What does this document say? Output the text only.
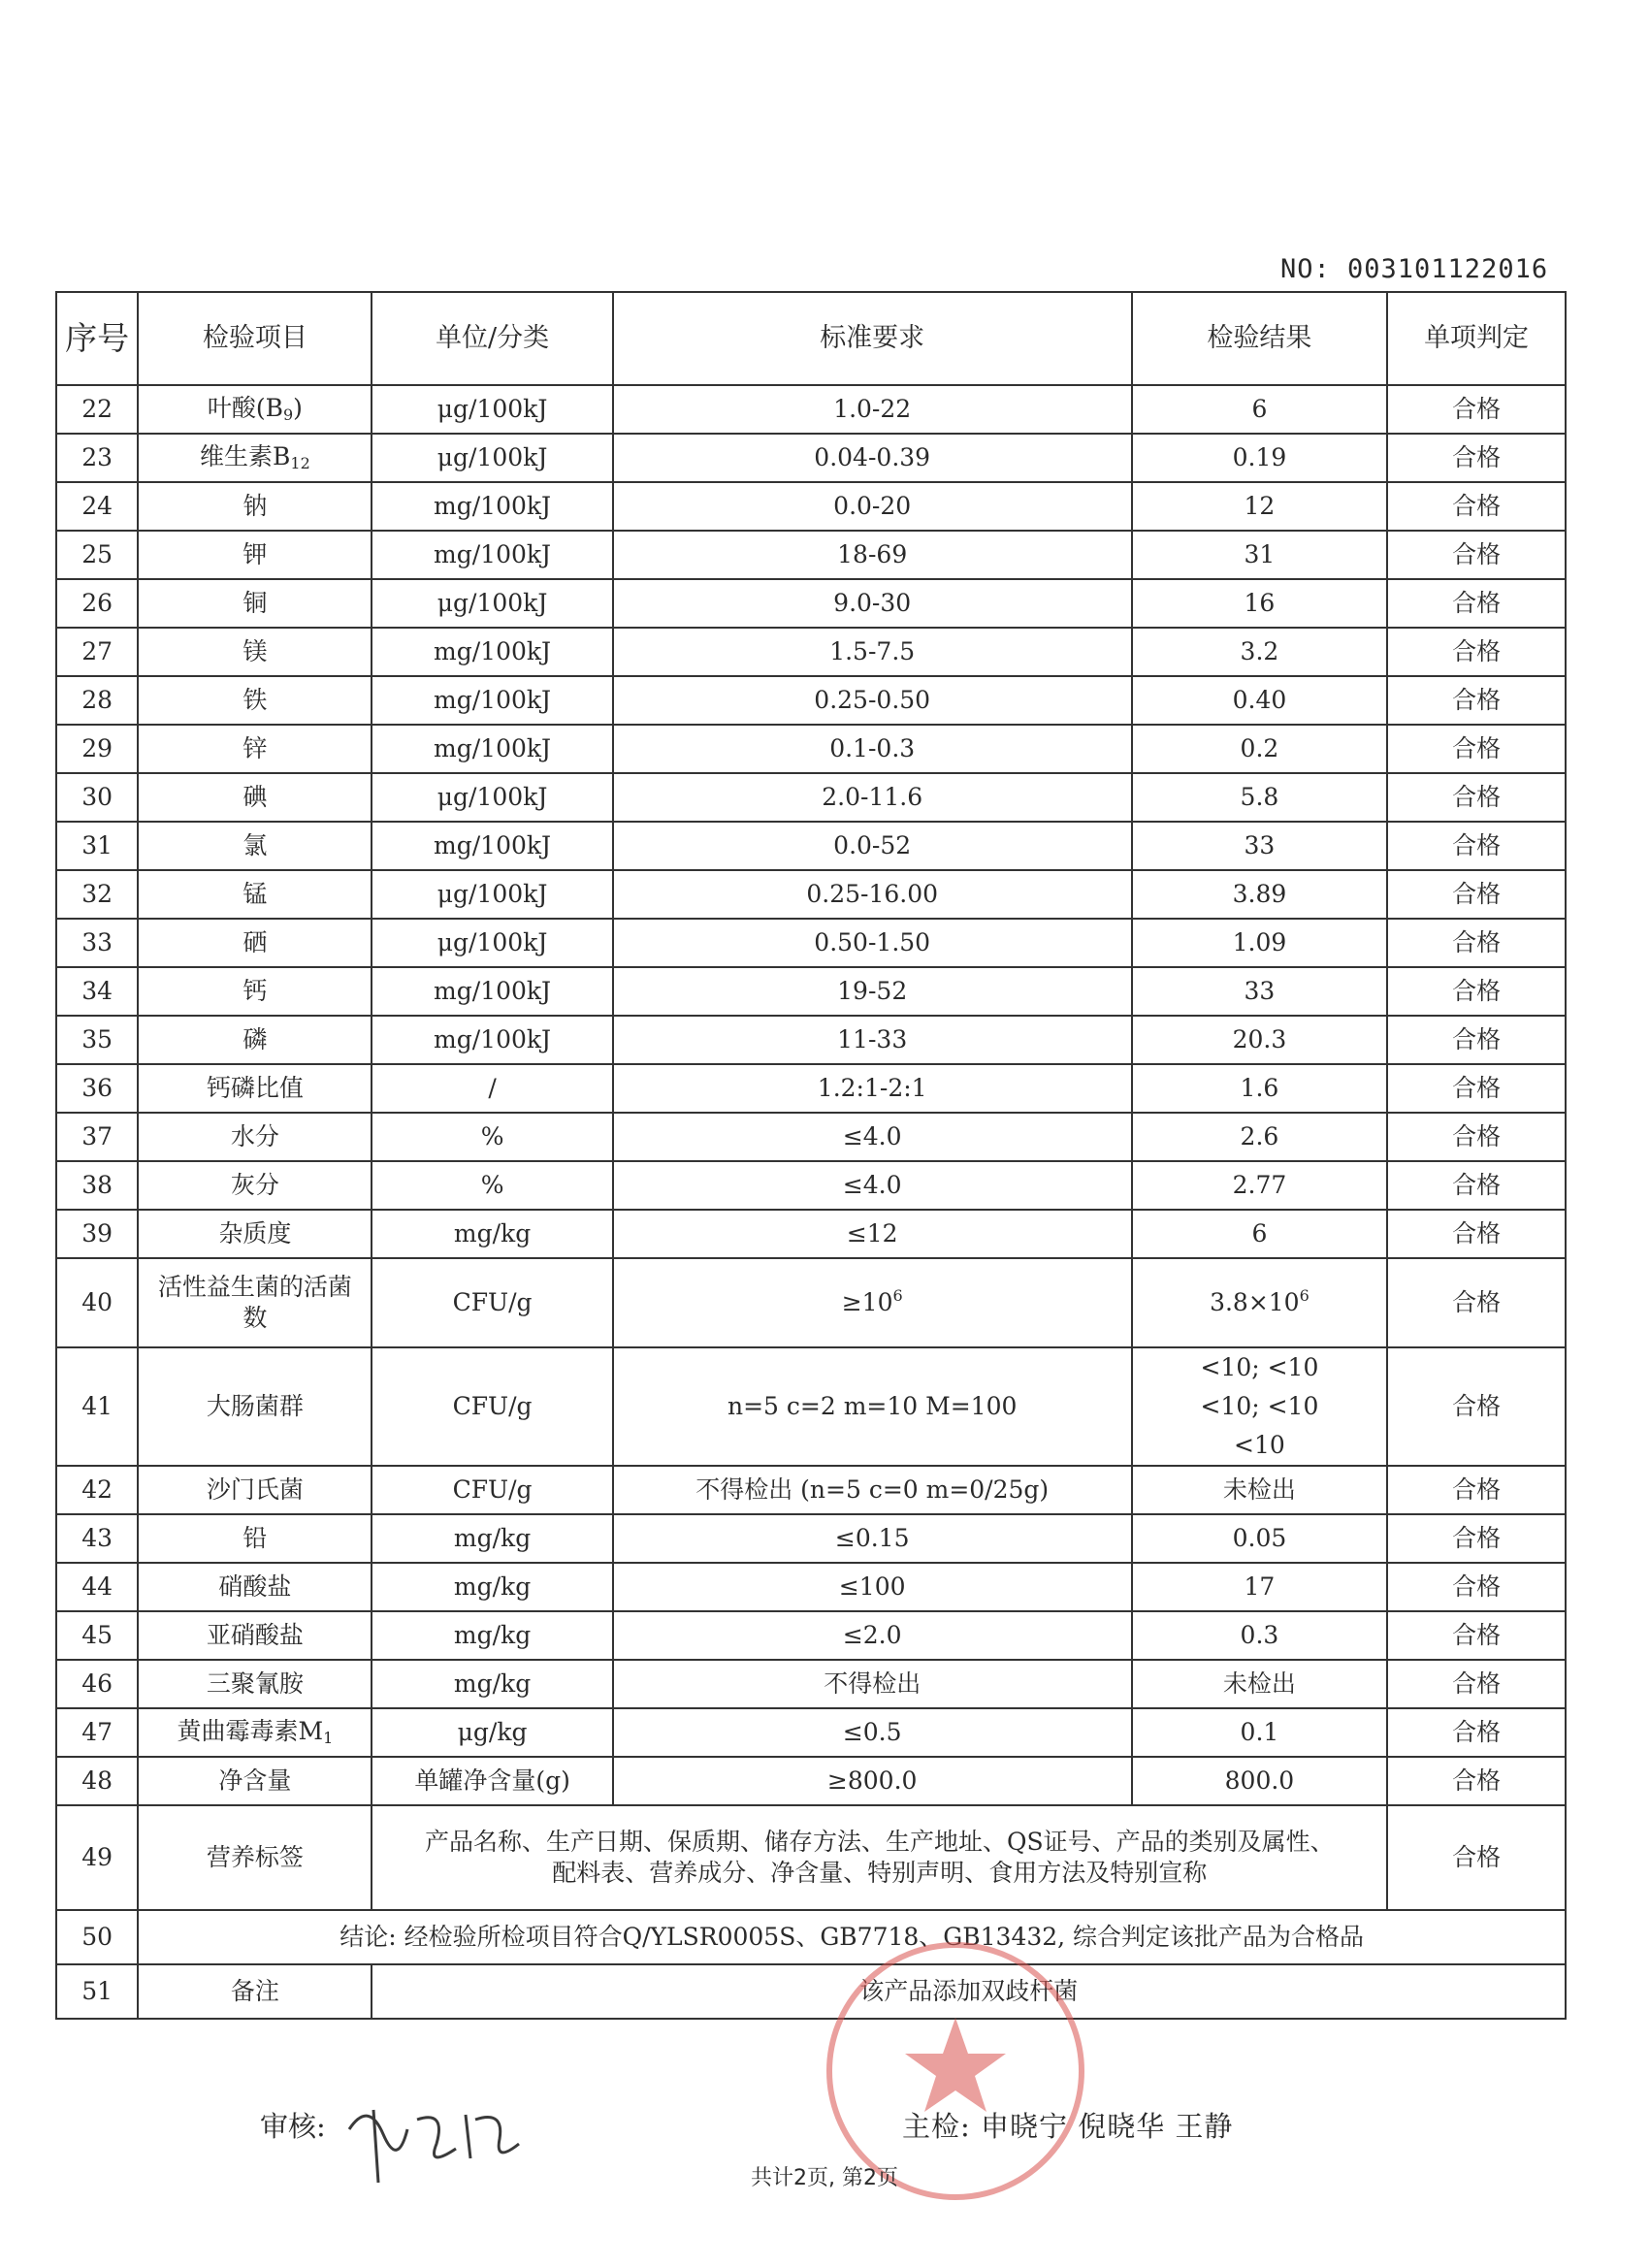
NO: 003101122016
序号	检验项目	单位/分类	标准要求	检验结果	单项判定
22	叶酸$(B_9)$	μg/100kJ	1.0-22	6	合格
23	维生素$B_{12}$	μg/100kJ	0.04-0.39	0.19	合格
24	钠	mg/100kJ	0.0-20	12	合格
25	钾	mg/100kJ	18-69	31	合格
26	铜	μg/100kJ	9.0-30	16	合格
27	镁	mg/100kJ	1.5-7.5	3.2	合格
28	铁	mg/100kJ	0.25-0.50	0.40	合格
29	锌	mg/100kJ	0.1-0.3	0.2	合格
30	碘	μg/100kJ	2.0-11.6	5.8	合格
31	氯	mg/100kJ	0.0-52	33	合格
32	锰	μg/100kJ	0.25-16.00	3.89	合格
33	硒	μg/100kJ	0.50-1.50	1.09	合格
34	钙	mg/100kJ	19-52	33	合格
35	磷	mg/100kJ	11-33	20.3	合格
36	钙磷比值	/	1.2:1-2:1	1.6	合格
37	水分	%	≤4.0	2.6	合格
38	灰分	%	≤4.0	2.77	合格
39	杂质度	mg/kg	≤12	6	合格
40	活性益生菌的活菌
数	CFU/g	$\ge 10^6$	$3.8\times 10^6$	合格
41	大肠菌群	CFU/g	n=5 c=2 m=10 M=100	<10; <10
<10; <10
<10	合格
42	沙门氏菌	CFU/g	不得检出 (n=5 c=0 m=0/25g)	未检出	合格
43	铅	mg/kg	≤0.15	0.05	合格
44	硝酸盐	mg/kg	≤100	17	合格
45	亚硝酸盐	mg/kg	≤2.0	0.3	合格
46	三聚氰胺	mg/kg	不得检出	未检出	合格
47	黄曲霉毒素$M_1$	μg/kg	≤0.5	0.1	合格
48	净含量	单罐净含量(g)	≥800.0	800.0	合格
49	营养标签	产品名称、生产日期、保质期、储存方法、生产地址、QS证号、产品的类别及属性、
配料表、营养成分、净含量、特别声明、食用方法及特别宣称			合格
50	结论: 经检验所检项目符合Q/YLSR0005S、GB7718、GB13432, 综合判定该批产品为合格品				
51	备注	该产品添加双歧杆菌			
审核:	主检: 申晓宁 倪晓华 王静
共计2页, 第2页
